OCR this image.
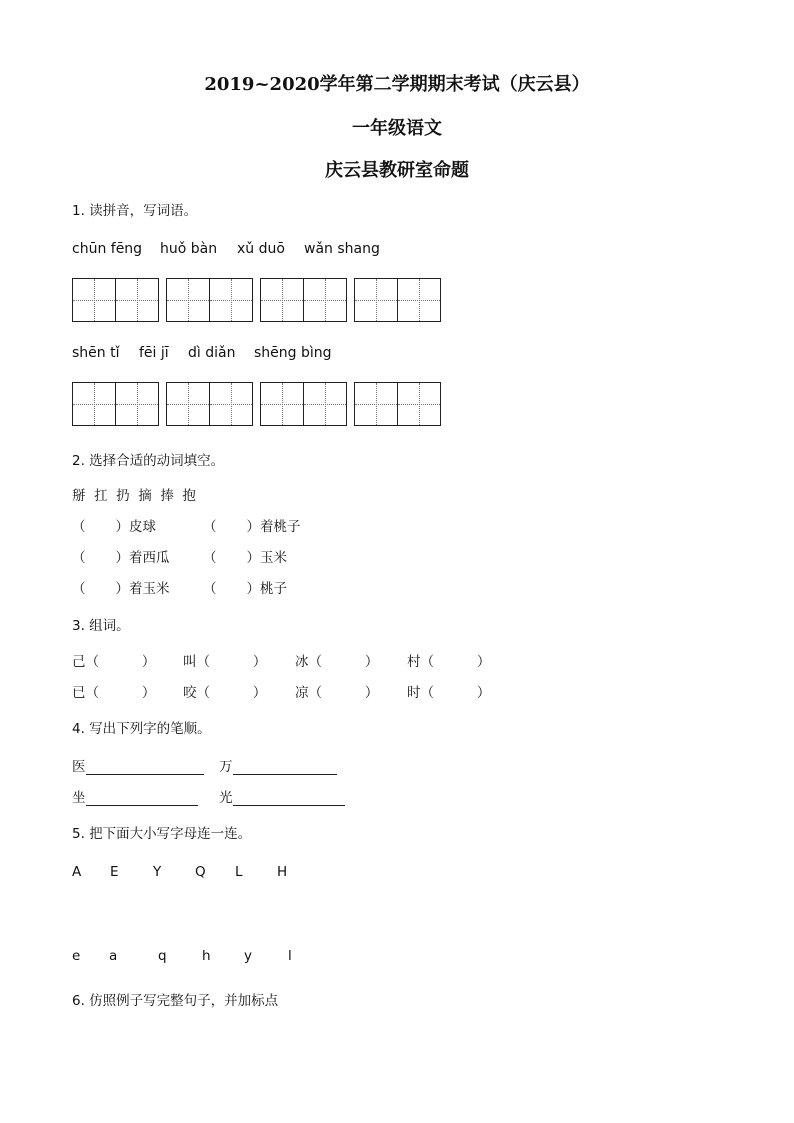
2019~2020学年第二学期期末考试（庆云县）
一年级语文
庆云县教研室命题
1. 读拼音，写词语。
chūn fēng huǒ bàn xǔ duō wǎn shang
shēn tǐ fēi jī dì diǎn shēng bìng
2. 选择合适的动词填空。
掰  扛  扔  摘  捧  抱
（       ）皮球	（       ）着桃子
（       ）着西瓜 （       ）玉米
（       ）着玉米 （       ）桃子
3. 组词。
己（          ） 叫（          ） 冰（          ） 村（          ）
已（          ） 咬（          ） 凉（          ） 时（          ）
4. 写出下列字的笔顺。
医	万
坐	光
5. 把下面大小写字母连一连。
A E	Y	Q L	H
e a	q	h y	l
6. 仿照例子写完整句子，并加标点
